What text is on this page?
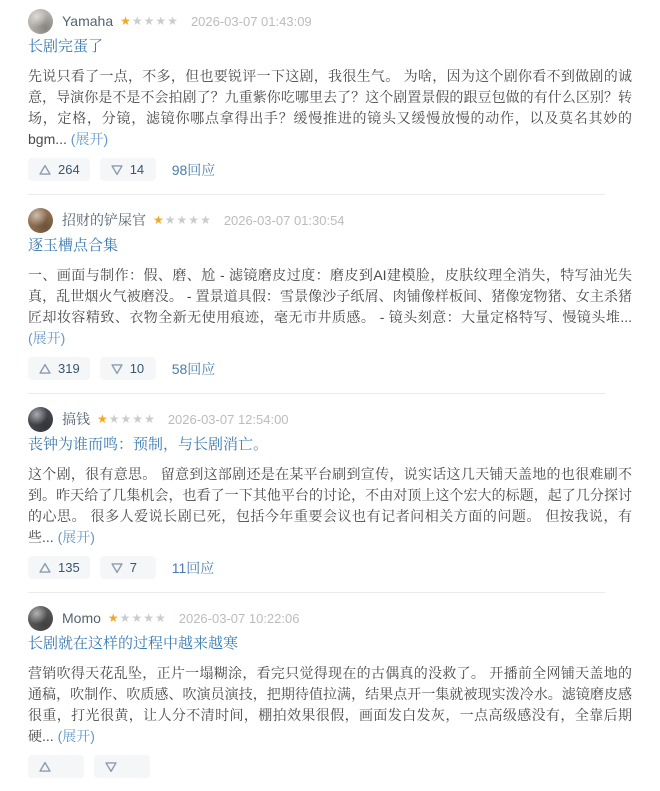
Yamaha ★ ★ ★ ★ ★ 2026-03-07 01:43:09
长剧完蛋了

先说只看了一点，不多，但也要锐评一下这剧，我很生气。 为啥，因为这个剧你看不到做剧的诚意，导演你是不是不会拍剧了？九重紫你吃哪里去了？这个剧置景假的跟豆包做的有什么区别？转场，定格，分镜，滤镜你哪点拿得出手？缓慢推进的镜头又缓慢放慢的动作，以及莫名其妙的bgm... (展开)

264	14 98回应
招财的铲屎官 ★ ★ ★ ★ ★ 2026-03-07 01:30:54
逐玉槽点合集

一、画面与制作：假、磨、尬 - 滤镜磨皮过度：磨皮到AI建模脸，皮肤纹理全消失，特写油光失真，乱世烟火气被磨没。 - 置景道具假：雪景像沙子纸屑、肉铺像样板间、猪像宠物猪、女主杀猪匠却妆容精致、衣物全新无使用痕迹，毫无市井质感。 - 镜头刻意：大量定格特写、慢镜头堆... (展开)

319	10 58回应
搞钱 ★ ★ ★ ★ ★ 2026-03-07 12:54:00
丧钟为谁而鸣：预制，与长剧消亡。

这个剧，很有意思。 留意到这部剧还是在某平台刷到宣传，说实话这几天铺天盖地的也很难刷不到。昨天给了几集机会，也看了一下其他平台的讨论，不由对顶上这个宏大的标题，起了几分探讨的心思。 很多人爱说长剧已死，包括今年重要会议也有记者问相关方面的问题。 但按我说，有些... (展开)

135	7 11回应
Momo ★ ★ ★ ★ ★ 2026-03-07 10:22:06
长剧就在这样的过程中越来越寒

营销吹得天花乱坠，正片一塌糊涂，看完只觉得现在的古偶真的没救了。 开播前全网铺天盖地的通稿，吹制作、吹质感、吹演员演技，把期待值拉满，结果点开一集就被现实泼冷水。滤镜磨皮感很重，打光很黄，让人分不清时间，棚拍效果很假，画面发白发灰，一点高级感没有，全靠后期硬... (展开)
